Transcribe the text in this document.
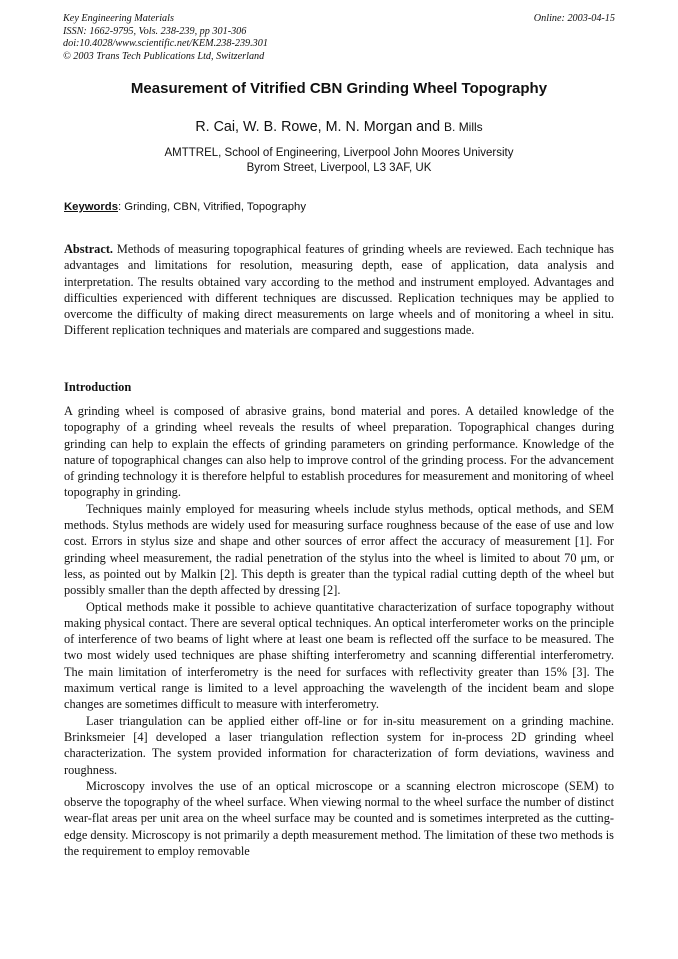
Key Engineering Materials
ISSN: 1662-9795, Vols. 238-239, pp 301-306
doi:10.4028/www.scientific.net/KEM.238-239.301
© 2003 Trans Tech Publications Ltd, Switzerland
Online: 2003-04-15
Measurement of Vitrified CBN Grinding Wheel Topography
R. Cai, W. B. Rowe, M. N. Morgan and B. Mills
AMTTREL, School of Engineering, Liverpool John Moores University
Byrom Street, Liverpool, L3 3AF, UK
Keywords: Grinding, CBN, Vitrified, Topography

Abstract. Methods of measuring topographical features of grinding wheels are reviewed. Each technique has advantages and limitations for resolution, measuring depth, ease of application, data analysis and interpretation. The results obtained vary according to the method and instrument employed. Advantages and difficulties experienced with different techniques are discussed. Replication techniques may be applied to overcome the difficulty of making direct measurements on large wheels and of monitoring a wheel in situ. Different replication techniques and materials are compared and suggestions made.

Introduction

A grinding wheel is composed of abrasive grains, bond material and pores. A detailed knowledge of the topography of a grinding wheel reveals the results of wheel preparation. Topographical changes during grinding can help to explain the effects of grinding parameters on grinding performance. Knowledge of the nature of topographical changes can also help to improve control of the grinding process. For the advancement of grinding technology it is therefore helpful to establish procedures for measurement and monitoring of wheel topography in grinding.

Techniques mainly employed for measuring wheels include stylus methods, optical methods, and SEM methods. Stylus methods are widely used for measuring surface roughness because of the ease of use and low cost. Errors in stylus size and shape and other sources of error affect the accuracy of measurement [1]. For grinding wheel measurement, the radial penetration of the stylus into the wheel is limited to about 70 μm, or less, as pointed out by Malkin [2]. This depth is greater than the typical radial cutting depth of the wheel but possibly smaller than the depth affected by dressing [2].

Optical methods make it possible to achieve quantitative characterization of surface topography without making physical contact. There are several optical techniques. An optical interferometer works on the principle of interference of two beams of light where at least one beam is reflected off the surface to be measured. The two most widely used techniques are phase shifting interferometry and scanning differential interferometry. The main limitation of interferometry is the need for surfaces with reflectivity greater than 15% [3]. The maximum vertical range is limited to a level approaching the wavelength of the incident beam and slope changes are sometimes difficult to measure with interferometry.

Laser triangulation can be applied either off-line or for in-situ measurement on a grinding machine. Brinksmeier [4] developed a laser triangulation reflection system for in-process 2D grinding wheel characterization. The system provided information for characterization of form deviations, waviness and roughness.

Microscopy involves the use of an optical microscope or a scanning electron microscope (SEM) to observe the topography of the wheel surface. When viewing normal to the wheel surface the number of distinct wear-flat areas per unit area on the wheel surface may be counted and is sometimes interpreted as the cutting-edge density. Microscopy is not primarily a depth measurement method. The limitation of these two methods is the requirement to employ removable
